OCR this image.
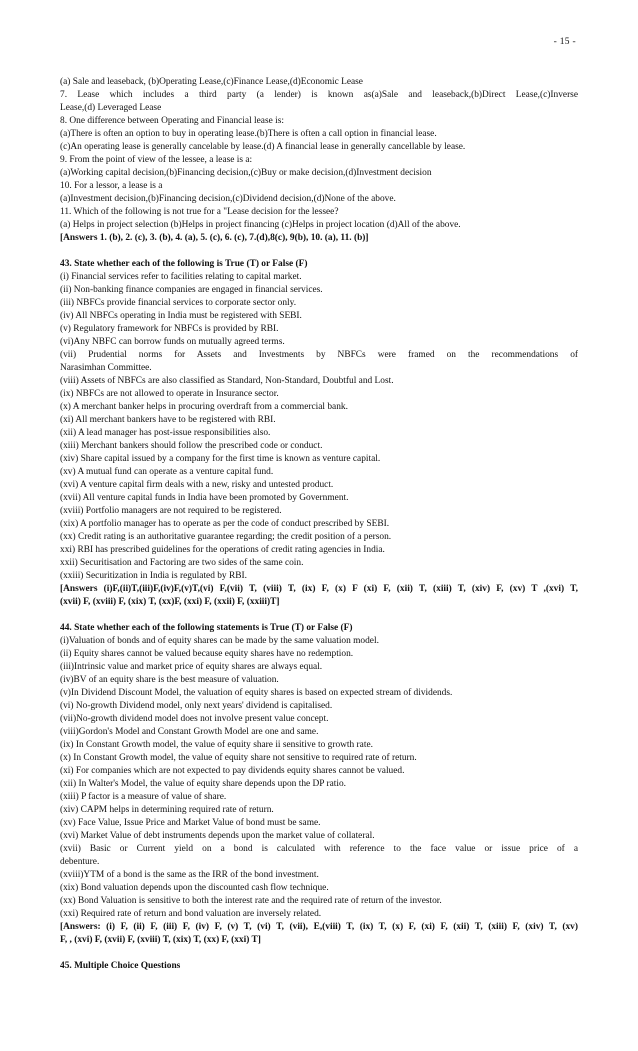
- 15 -
(a) Sale and leaseback, (b)Operating Lease,(c)Finance Lease,(d)Economic Lease
7. Lease which includes a third party (a lender) is known as(a)Sale and leaseback,(b)Direct Lease,(c)Inverse
Lease,(d) Leveraged Lease
8. One difference between Operating and Financial lease is:
(a)There is often an option to buy in operating lease.(b)There is often a call option in financial lease.
(c)An operating lease is generally cancelable by lease.(d) A financial lease in generally cancellable by lease.
9. From the point of view of the lessee, a lease is a:
(a)Working capital decision,(b)Financing decision,(c)Buy or make decision,(d)Investment decision
10. For a lessor, a lease is a
(a)Investment decision,(b)Financing decision,(c)Dividend decision,(d)None of the above.
11. Which of the following is not true for a "Lease decision for the lessee?
(a) Helps in project selection (b)Helps in project financing (c)Helps in project location (d)All of the above.
[Answers 1. (b), 2. (c), 3. (b), 4. (a), 5. (c), 6. (c), 7.(d),8(c), 9(b), 10. (a), 11. (b)]
43. State whether each of the following is True (T) or False (F)
(i) Financial services refer to facilities relating to capital market.
(ii) Non-banking finance companies are engaged in financial services.
(iii) NBFCs provide financial services to corporate sector only.
(iv) All NBFCs operating in India must be registered with SEBI.
(v) Regulatory framework for NBFCs is provided by RBI.
(vi)Any NBFC can borrow funds on mutually agreed terms.
(vii) Prudential norms for Assets and Investments by NBFCs were framed on the recommendations of
Narasimhan Committee.
(viii) Assets of NBFCs are also classified as Standard, Non-Standard, Doubtful and Lost.
(ix) NBFCs are not allowed to operate in Insurance sector.
(x) A merchant banker helps in procuring overdraft from a commercial bank.
(xi) All merchant bankers have to be registered with RBI.
(xii) A lead manager has post-issue responsibilities also.
(xiii) Merchant bankers should follow the prescribed code or conduct.
(xiv) Share capital issued by a company for the first time is known as venture capital.
(xv) A mutual fund can operate as a venture capital fund.
(xvi) A venture capital firm deals with a new, risky and untested product.
(xvii) All venture capital funds in India have been promoted by Government.
(xviii) Portfolio managers are not required to be registered.
(xix) A portfolio manager has to operate as per the code of conduct prescribed by SEBI.
(xx) Credit rating is an authoritative guarantee regarding; the credit position of a person.
xxi) RBI has prescribed guidelines for the operations of credit rating agencies in India.
xxii) Securitisation and Factoring are two sides of the same coin.
(xxiii) Securitization in India is regulated by RBI.
[Answers (i)F,(ii)T,(iii)F,(iv)F,(v)T,(vi) F,(vii) T, (viii) T, (ix) F, (x) F (xi) F, (xii) T, (xiii) T, (xiv) F, (xv) T ,(xvi) T,
(xvii) F, (xviii) F, (xix) T, (xx)F, (xxi) F, (xxii) F, (xxiii)T]
44. State whether each of the following statements is True (T) or False (F)
(i)Valuation of bonds and of equity shares can be made by the same valuation model.
(ii) Equity shares cannot be valued because equity shares have no redemption.
(iii)Intrinsic value and market price of equity shares are always equal.
(iv)BV of an equity share is the best measure of valuation.
(v)In Dividend Discount Model, the valuation of equity shares is based on expected stream of dividends.
(vi) No-growth Dividend model, only next years' dividend is capitalised.
(vii)No-growth dividend model does not involve present value concept.
(viii)Gordon's Model and Constant Growth Model are one and same.
(ix) In Constant Growth model, the value of equity share ii sensitive to growth rate.
(x) In Constant Growth model, the value of equity share not sensitive to required rate of return.
(xi) For companies which are not expected to pay dividends equity shares cannot be valued.
(xii) In Walter's Model, the value of equity share depends upon the DP ratio.
(xiii) P factor is a measure of value of share.
(xiv) CAPM helps in determining required rate of return.
(xv) Face Value, Issue Price and Market Value of bond must be same.
(xvi) Market Value of debt instruments depends upon the market value of collateral.
(xvii) Basic or Current yield on a bond is calculated with reference to the face value or issue price of a
debenture.
(xviii)YTM of a bond is the same as the IRR of the bond investment.
(xix) Bond valuation depends upon the discounted cash flow technique.
(xx) Bond Valuation is sensitive to both the interest rate and the required rate of return of the investor.
(xxi) Required rate of return and bond valuation are inversely related.
[Answers: (i) F, (ii) F, (iii) F, (iv) F, (v) T, (vi) T, (vii), E,(viii) T, (ix) T, (x) F, (xi) F, (xii) T, (xiii) F, (xiv) T, (xv)
F, , (xvi) F, (xvii) F, (xviii) T, (xix) T, (xx) F, (xxi) T]
45. Multiple Choice Questions
